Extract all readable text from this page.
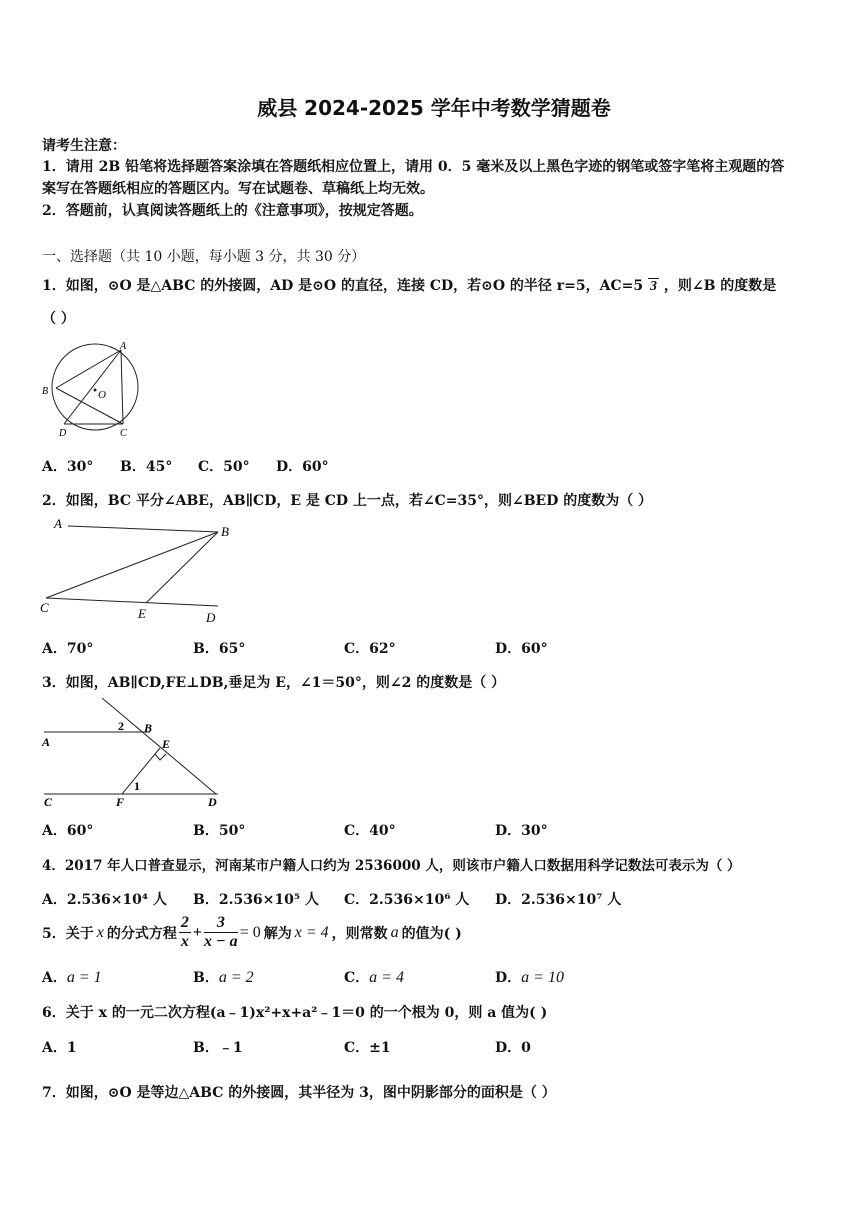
威县 2024-2025 学年中考数学猜题卷
请考生注意：
1．请用 2B 铅笔将选择题答案涂填在答题纸相应位置上，请用 0．5 毫米及以上黑色字迹的钢笔或签字笔将主观题的答
案写在答题纸相应的答题区内。写在试题卷、草稿纸上均无效。
2．答题前，认真阅读答题纸上的《注意事项》，按规定答题。
一、选择题（共 10 小题，每小题 3 分，共 30 分）
1．如图，⊙O 是△ABC 的外接圆，AD 是⊙O 的直径，连接 CD，若⊙O 的半径 r=5，AC=5 3 ，则∠B 的度数是
（ ）
A
B
C
D
O
A．30°	B．45°	C．50°	D．60°
2．如图，BC 平分∠ABE，AB∥CD，E 是 CD 上一点，若∠C=35°，则∠BED 的度数为（ ）
A
B
C	E	D
A．70°	B．65°	C．62°	D．60°
3．如图，AB∥CD,FE⊥DB,垂足为 E，∠1＝50°，则∠2 的度数是（ ）
A
2 B
E
1
C	F	D
A．60°	B．50°	C．40°	D．30°
4．2017 年人口普查显示，河南某市户籍人口约为 2536000 人，则该市户籍人口数据用科学记数法可表示为（ ）
A．2.536×10⁴ 人	B．2.536×10⁵ 人	C．2.536×10⁶ 人	D．2.536×10⁷ 人
5．关于 x 的分式方程 $\frac{2}{x} + \frac{3}{x - a} = 0$ 解为 x = 4 ，则常数 a 的值为( )
A．a = 1	B．a = 2	C．a = 4	D．a = 10
6．关于 x 的一元二次方程(a﹣1)x²+x+a²﹣1＝0 的一个根为 0，则 a 值为( )
A．1	B．﹣1	C．±1	D．0
7．如图，⊙O 是等边△ABC 的外接圆，其半径为 3，图中阴影部分的面积是（ ）
